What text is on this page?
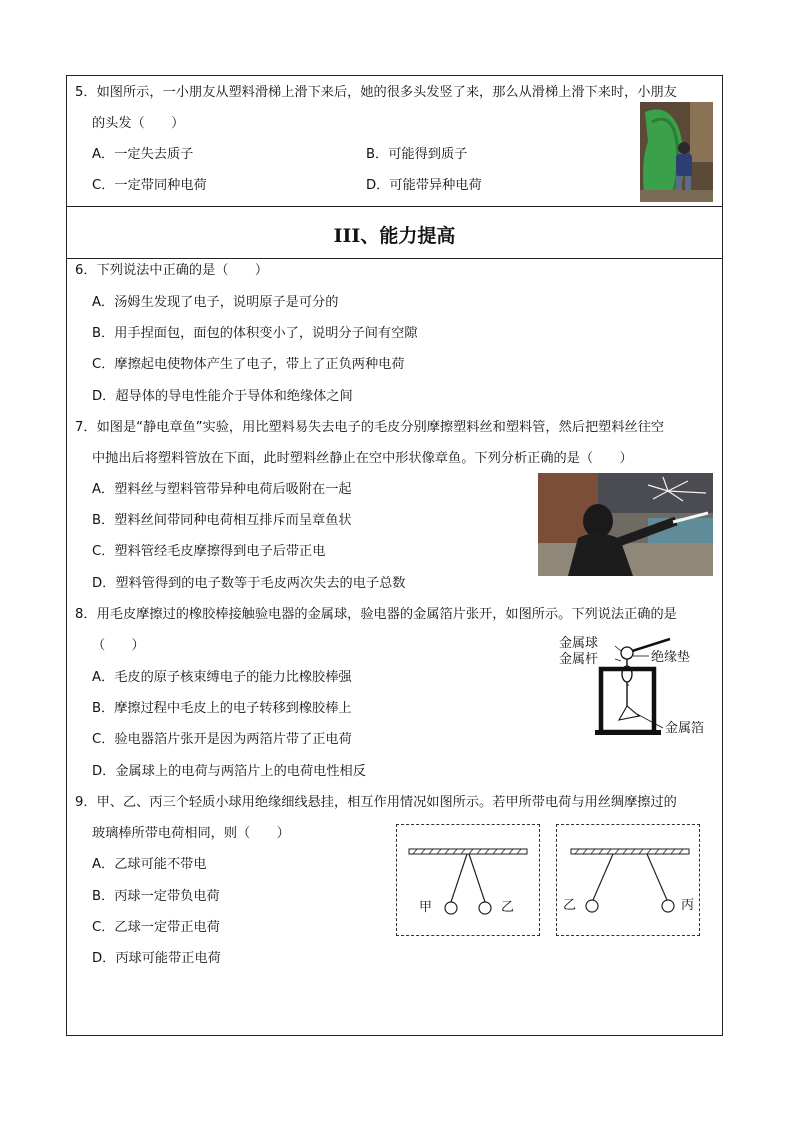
5．如图所示，一小朋友从塑料滑梯上滑下来后，她的很多头发竖了来，那么从滑梯上滑下来时，小朋友
的头发（　　）
A．一定失去质子	B．可能得到质子
C．一定带同种电荷	D．可能带异种电荷
III、能力提高
6．下列说法中正确的是（　　）
A．汤姆生发现了电子，说明原子是可分的
B．用手捏面包，面包的体积变小了，说明分子间有空隙
C．摩擦起电使物体产生了电子，带上了正负两种电荷
D．超导体的导电性能介于导体和绝缘体之间
7．如图是“静电章鱼”实验，用比塑料易失去电子的毛皮分别摩擦塑料丝和塑料管，然后把塑料丝往空
中抛出后将塑料管放在下面，此时塑料丝静止在空中形状像章鱼。下列分析正确的是（　　）
A．塑料丝与塑料管带异种电荷后吸附在一起
B．塑料丝间带同种电荷相互排斥而呈章鱼状
C．塑料管经毛皮摩擦得到电子后带正电
D．塑料管得到的电子数等于毛皮两次失去的电子总数
8．用毛皮摩擦过的橡胶棒接触验电器的金属球，验电器的金属箔片张开，如图所示。下列说法正确的是
（　　）
A．毛皮的原子核束缚电子的能力比橡胶棒强
B．摩擦过程中毛皮上的电子转移到橡胶棒上
C．验电器箔片张开是因为两箔片带了正电荷
D．金属球上的电荷与两箔片上的电荷电性相反
金属球
金属杆	绝缘垫
金属箔
9．甲、乙、丙三个轻质小球用绝缘细线悬挂，相互作用情况如图所示。若甲所带电荷与用丝绸摩擦过的
玻璃棒所带电荷相同，则（　　）
A．乙球可能不带电
B．丙球一定带负电荷
C．乙球一定带正电荷
D．丙球可能带正电荷
甲	乙	乙	丙
